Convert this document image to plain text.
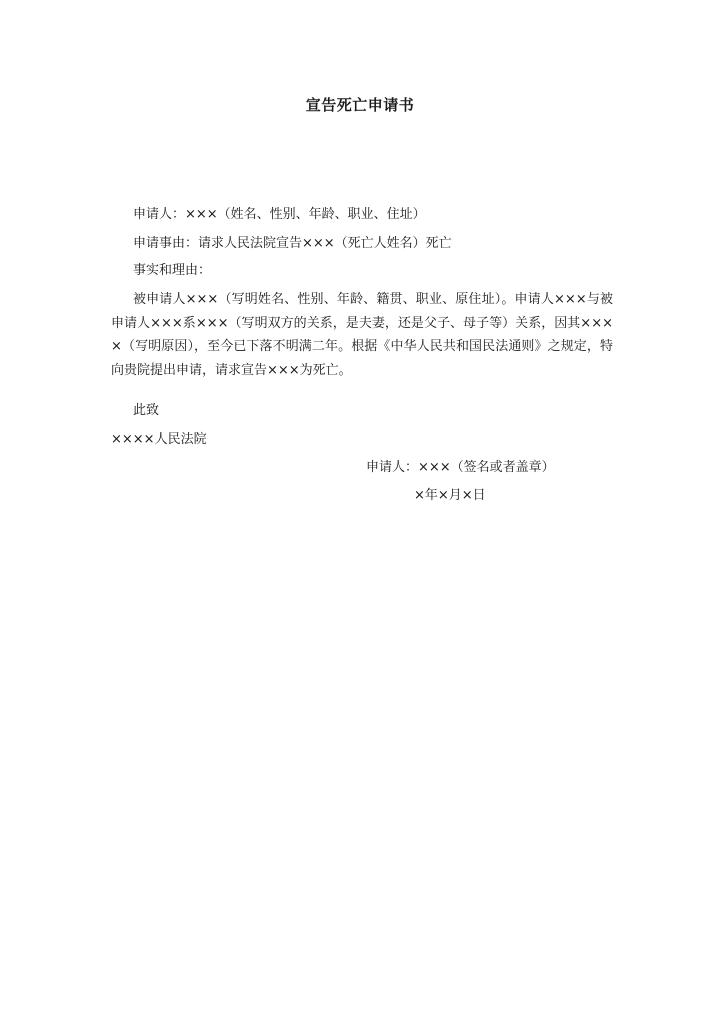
宣告死亡申请书
申请人：×××（姓名、性别、年龄、职业、住址）
申请事由：请求人民法院宣告×××（死亡人姓名）死亡
事实和理由：
被申请人×××（写明姓名、性别、年龄、籍贯、职业、原住址）。申请人×××与被申请人×××系×××（写明双方的关系，是夫妻，还是父子、母子等）关系，因其××××（写明原因），至今已下落不明满二年。根据《中华人民共和国民法通则》之规定，特向贵院提出申请，请求宣告×××为死亡。
此致
××××人民法院
申请人：×××（签名或者盖章）
×年×月×日
